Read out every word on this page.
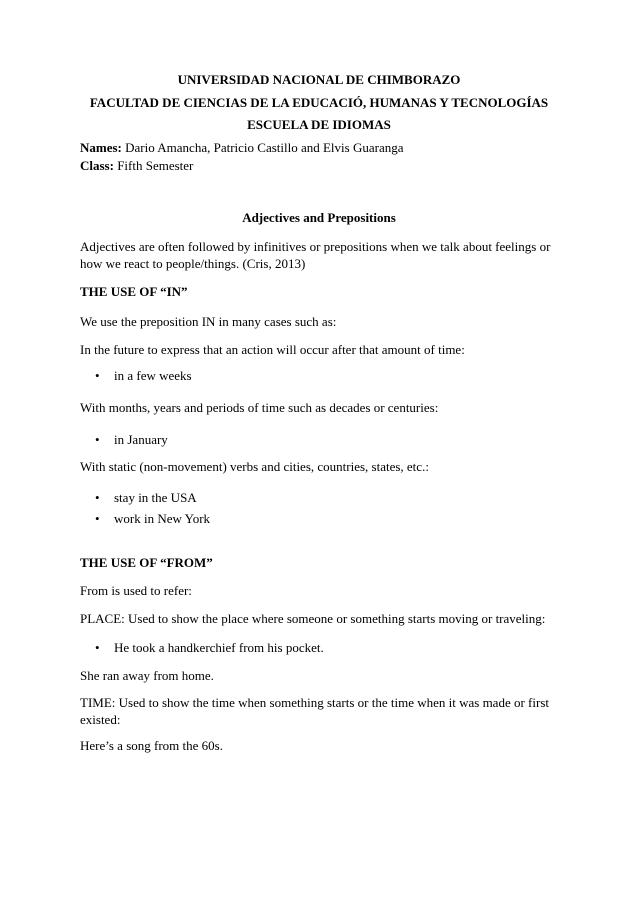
UNIVERSIDAD NACIONAL DE CHIMBORAZO
FACULTAD DE CIENCIAS DE LA EDUCACIÓ, HUMANAS Y TECNOLOGÍAS
ESCUELA DE IDIOMAS
Names: Dario Amancha, Patricio Castillo and Elvis Guaranga
Class: Fifth Semester
Adjectives and Prepositions
Adjectives are often followed by infinitives or prepositions when we talk about feelings or how we react to people/things. (Cris, 2013)
THE USE OF “IN”
We use the preposition IN in many cases such as:
In the future to express that an action will occur after that amount of time:
• in a few weeks
With months, years and periods of time such as decades or centuries:
• in January
With static (non-movement) verbs and cities, countries, states, etc.:
• stay in the USA
• work in New York
THE USE OF “FROM”
From is used to refer:
PLACE: Used to show the place where someone or something starts moving or traveling:
• He took a handkerchief from his pocket.
She ran away from home.
TIME: Used to show the time when something starts or the time when it was made or first existed:
Here’s a song from the 60s.
